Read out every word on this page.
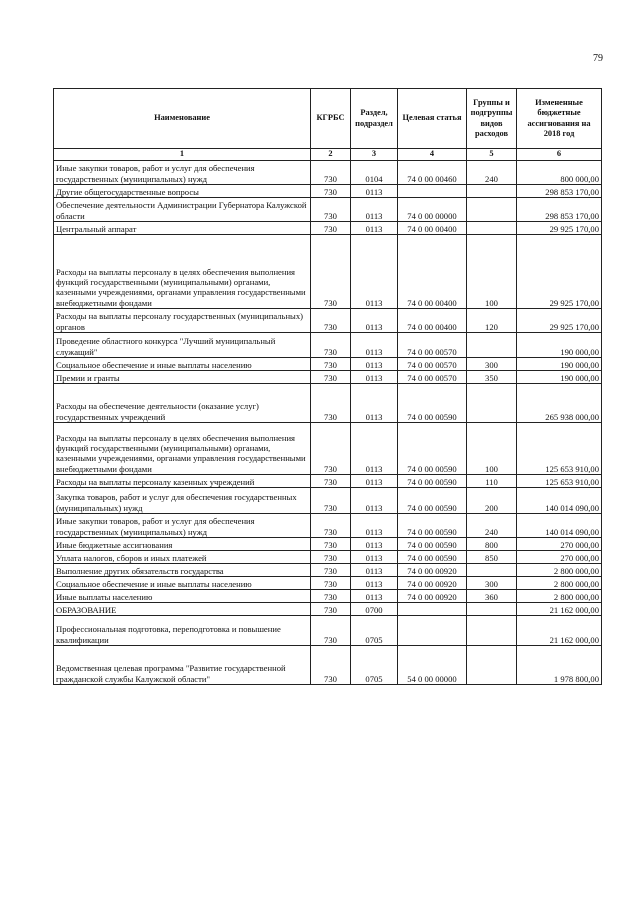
79
Наименование	КГРБС	Раздел, подраздел	Целевая статья	Группы и подгруппы видов расходов	Измененные бюджетные ассигнования на 2018 год
1	2	3	4	5	6
Иные закупки товаров, работ и услуг для обеспечения государственных (муниципальных) нужд	730	0104	74 0 00 00460	240	800 000,00
Другие общегосударственные вопросы	730	0113			298 853 170,00
Обеспечение деятельности Администрации Губернатора Калужской области	730	0113	74 0 00 00000		298 853 170,00
Центральный аппарат	730	0113	74 0 00 00400		29 925 170,00
Расходы на выплаты персоналу в целях обеспечения выполнения функций государственными (муниципальными) органами, казенными учреждениями, органами управления государственными внебюджетными фондами	730	0113	74 0 00 00400	100	29 925 170,00
Расходы на выплаты персоналу государственных (муниципальных) органов	730	0113	74 0 00 00400	120	29 925 170,00
Проведение областного конкурса "Лучший муниципальный служащий"	730	0113	74 0 00 00570		190 000,00
Социальное обеспечение и иные выплаты населению	730	0113	74 0 00 00570	300	190 000,00
Премии и гранты	730	0113	74 0 00 00570	350	190 000,00
Расходы на обеспечение деятельности (оказание услуг) государственных учреждений	730	0113	74 0 00 00590		265 938 000,00
Расходы на выплаты персоналу в целях обеспечения выполнения функций государственными (муниципальными) органами, казенными учреждениями, органами управления государственными внебюджетными фондами	730	0113	74 0 00 00590	100	125 653 910,00
Расходы на выплаты персоналу казенных учреждений	730	0113	74 0 00 00590	110	125 653 910,00
Закупка товаров, работ и услуг для обеспечения государственных (муниципальных) нужд	730	0113	74 0 00 00590	200	140 014 090,00
Иные закупки товаров, работ и услуг для обеспечения государственных (муниципальных) нужд	730	0113	74 0 00 00590	240	140 014 090,00
Иные бюджетные ассигнования	730	0113	74 0 00 00590	800	270 000,00
Уплата налогов, сборов и иных платежей	730	0113	74 0 00 00590	850	270 000,00
Выполнение других обязательств государства	730	0113	74 0 00 00920		2 800 000,00
Социальное обеспечение и иные выплаты населению	730	0113	74 0 00 00920	300	2 800 000,00
Иные выплаты населению	730	0113	74 0 00 00920	360	2 800 000,00
ОБРАЗОВАНИЕ	730	0700			21 162 000,00
Профессиональная подготовка, переподготовка и повышение квалификации	730	0705			21 162 000,00
Ведомственная целевая программа "Развитие государственной гражданской службы Калужской области"	730	0705	54 0 00 00000		1 978 800,00
